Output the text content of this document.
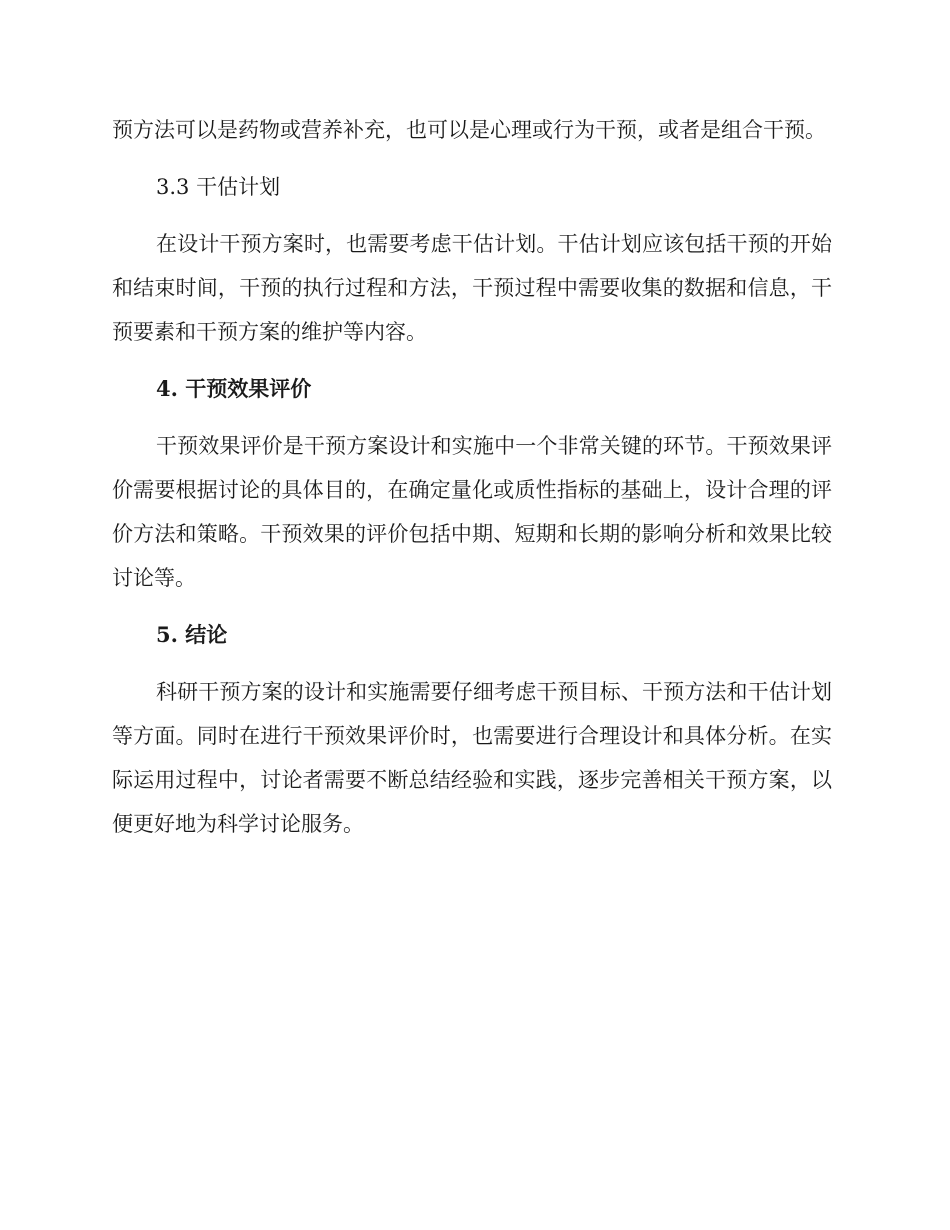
预方法可以是药物或营养补充，也可以是心理或行为干预，或者是组合干预。

3.3 干估计划

在设计干预方案时，也需要考虑干估计划。干估计划应该包括干预的开始和结束时间，干预的执行过程和方法，干预过程中需要收集的数据和信息，干预要素和干预方案的维护等内容。

4. 干预效果评价

干预效果评价是干预方案设计和实施中一个非常关键的环节。干预效果评价需要根据讨论的具体目的，在确定量化或质性指标的基础上，设计合理的评价方法和策略。干预效果的评价包括中期、短期和长期的影响分析和效果比较讨论等。

5. 结论

科研干预方案的设计和实施需要仔细考虑干预目标、干预方法和干估计划等方面。同时在进行干预效果评价时，也需要进行合理设计和具体分析。在实际运用过程中，讨论者需要不断总结经验和实践，逐步完善相关干预方案，以便更好地为科学讨论服务。
